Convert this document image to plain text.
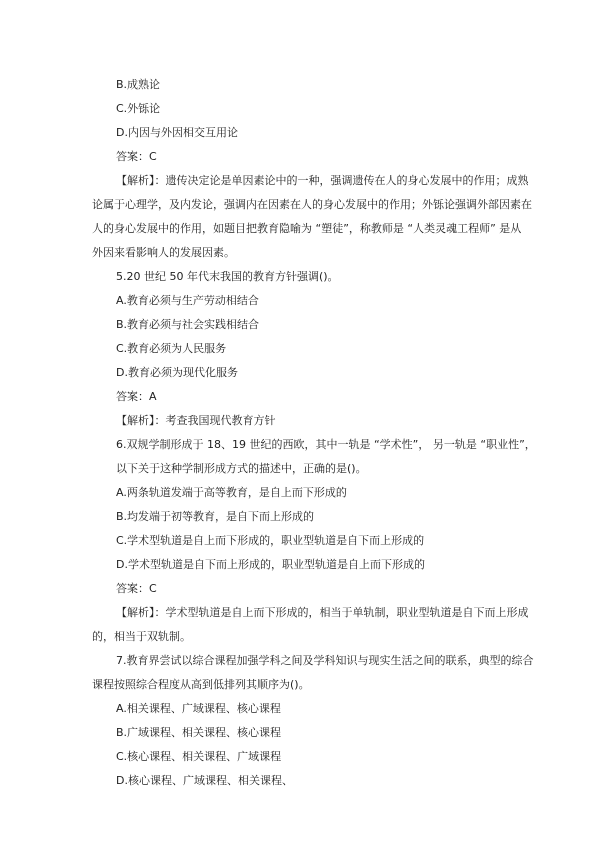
B.成熟论
C.外铄论
D.内因与外因相交互用论
答案：C
【解析】：遗传决定论是单因素论中的一种，强调遗传在人的身心发展中的作用；成熟
论属于心理学，及内发论，强调内在因素在人的身心发展中的作用；外铄论强调外部因素在
人的身心发展中的作用，如题目把教育隐喻为 “塑徒”，称教师是 “人类灵魂工程师” 是从
外因来看影响人的发展因素。
5.20 世纪 50 年代末我国的教育方针强调()。
A.教育必须与生产劳动相结合
B.教育必须与社会实践相结合
C.教育必须为人民服务
D.教育必须为现代化服务
答案：A
【解析】：考查我国现代教育方针
6.双规学制形成于 18、19 世纪的西欧，其中一轨是 “学术性”， 另一轨是 “职业性”，
以下关于这种学制形成方式的描述中，正确的是()。
A.两条轨道发端于高等教育，是自上而下形成的
B.均发端于初等教育，是自下而上形成的
C.学术型轨道是自上而下形成的，职业型轨道是自下而上形成的
D.学术型轨道是自下而上形成的，职业型轨道是自上而下形成的
答案：C
【解析】：学术型轨道是自上而下形成的，相当于单轨制，职业型轨道是自下而上形成
的，相当于双轨制。
7.教育界尝试以综合课程加强学科之间及学科知识与现实生活之间的联系，典型的综合
课程按照综合程度从高到低排列其顺序为()。
A.相关课程、广域课程、核心课程
B.广域课程、相关课程、核心课程
C.核心课程、相关课程、广域课程
D.核心课程、广域课程、相关课程、
